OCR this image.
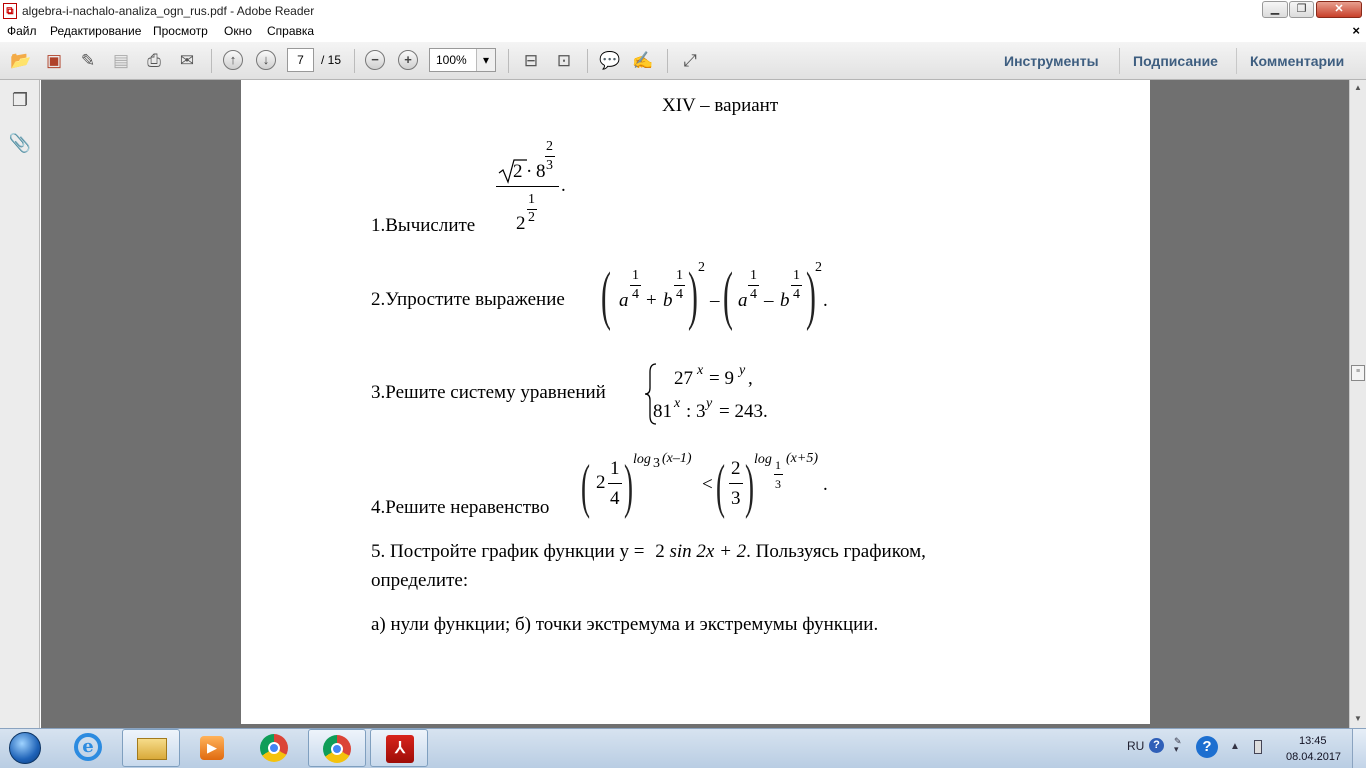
⧉ algebra-i-nachalo-analiza_ogn_rus.pdf - Adobe Reader	▁	❐	✕
Файл Редактирование Просмотр Окно Справка	×
📂 ▣	✎	▤	⎙	✉	↑	↓	7	/ 15	−	+	100%	▾	⊟	⊡	💬 ✍	⤢	Инструменты Подписание Комментарии
❐
📎
XIV – вариант
1.Вычислите
2 · 8
2
3
.
2
1
2
2.Упростите выражение ( a
1
4 + b
1
4 ) 2
– ( a
1
4 – b
1
4 ) 2
.
3.Решите систему уравнений
27 x = 9 y ,
81 x : 3 y = 243.
4.Решите неравенство ( 2
1
4 ) log 3 (x–1)
< ( 2
3 ) log 1
3
(x+5)
.
5. Постройте график функции y = 2 sin 2x + 2. Пользуясь графиком,
определите:
а) нули функции; б) точки экстремума и экстремумы функции.
▲
≡
▼
e	▶	⅄	RU ?	✎
▾	?	▲	13:45
08.04.2017
